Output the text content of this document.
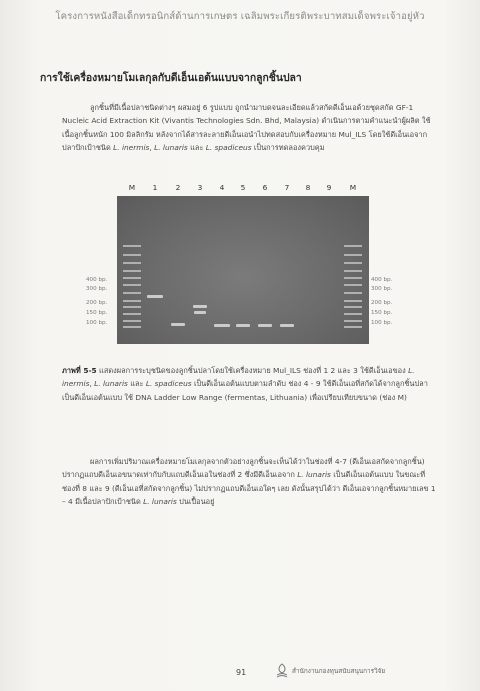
โครงการหนังสือเด็กทรอนิกส์ด้านการเกษตร เฉลิมพระเกียรติพระบาทสมเด็จพระเจ้าอยู่หัว
การใช้เครื่องหมายโมเลกุลกับดีเอ็นเอต้นแบบจากลูกชิ้นปลา
ลูกชิ้นที่มีเนื้อปลาชนิดต่างๆ ผสมอยู่ 6 รูปแบบ ถูกนำมาบดจนละเอียดแล้วสกัดดีเอ็นเอด้วยชุดสกัด GF-1 Nucleic Acid Extraction Kit (Vivantis Technologies Sdn. Bhd, Malaysia) ดำเนินการตามคำแนะนำผู้ผลิต ใช้เนื้อลูกชิ้นหนัก 100 มิลลิกรัม หลังจากได้สารละลายดีเอ็นเอนำไปทดสอบกับเครื่องหมาย Mul_ILS โดยใช้ดีเอ็นเอจากปลาปักเป้าชนิด L. inermis, L. lunaris และ L. spadiceus เป็นการทดลองควบคุม
M 1 2 3 4 5 6 7 8 9 M
400 bp.
300 bp.
200 bp.
150 bp.
100 bp.
400 bp.
300 bp.
200 bp.
150 bp.
100 bp.
ภาพที่ 5-5 แสดงผลการระบุชนิดของลูกชิ้นปลาโดยใช้เครื่องหมาย Mul_ILS ช่องที่ 1 2 และ 3 ใช้ดีเอ็นเอของ L. inermis, L. lunaris และ L. spadiceus เป็นดีเอ็นเอต้นแบบตามลำดับ ช่อง 4 - 9 ใช้ดีเอ็นเอที่สกัดได้จากลูกชิ้นปลาเป็นดีเอ็นเอต้นแบบ ใช้ DNA Ladder Low Range (fermentas, Lithuania) เพื่อเปรียบเทียบขนาด (ช่อง M)
ผลการเพิ่มปริมาณเครื่องหมายโมเลกุลจากตัวอย่างลูกชิ้นจะเห็นได้ว่าในช่องที่ 4-7 (ดีเอ็นเอสกัดจากลูกชิ้น) ปรากฏแถบดีเอ็นเอขนาดเท่ากับกับแถบดีเอ็นเอในช่องที่ 2 ซึ่งมีดีเอ็นเอจาก L. lunaris เป็นดีเอ็นเอต้นแบบ ในขณะที่ช่องที่ 8 และ 9 (ดีเอ็นเอที่สกัดจากลูกชิ้น) ไม่ปรากฏแถบดีเอ็นเอใดๆ เลย ดังนั้นสรุปได้ว่า ดีเอ็นเอจากลูกชิ้นหมายเลข 1 – 4 มีเนื้อปลาปักเป้าชนิด L. lunaris ปนเปื้อนอยู่
91	สำนักงานกองทุนสนับสนุนการวิจัย
